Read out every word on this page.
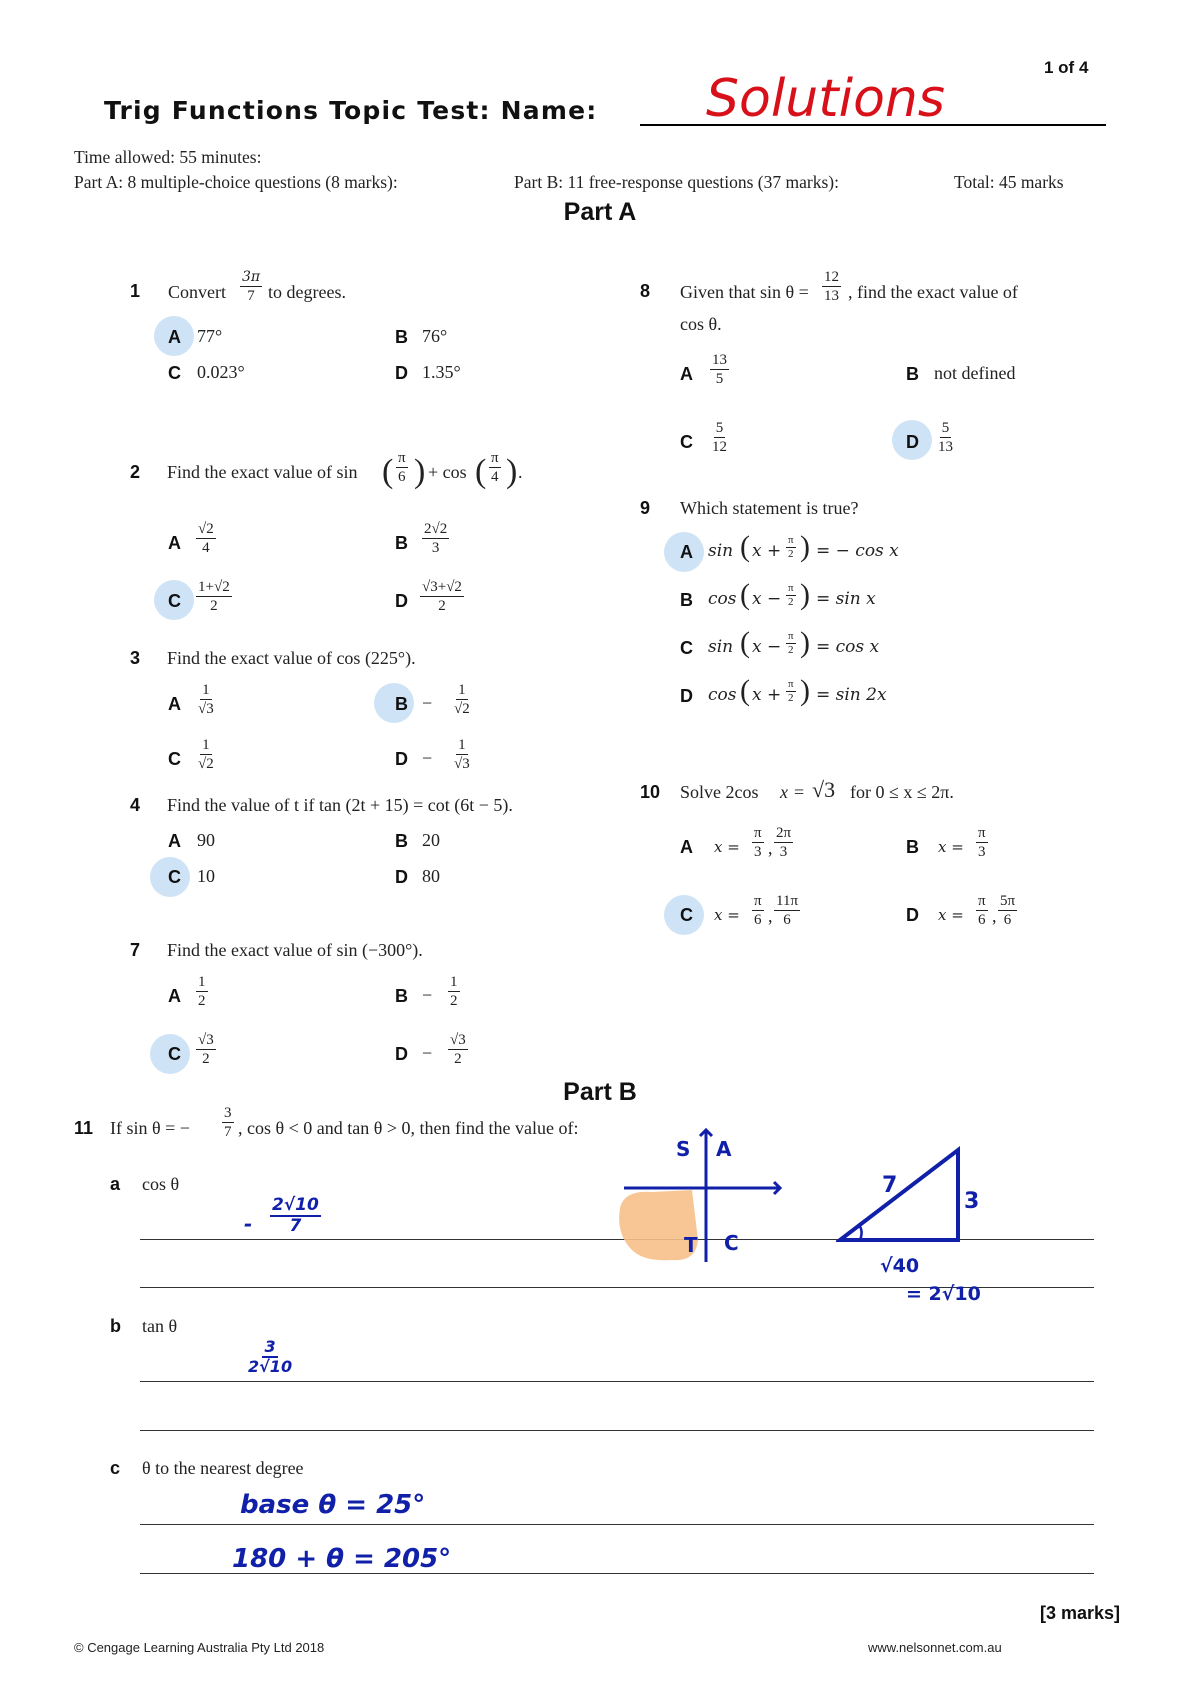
1 of 4
Trig Functions Topic Test: Name: Solutions
Time allowed: 55 minutes:
Part A: 8 multiple-choice questions (8 marks):	Part B: 11 free-response questions (37 marks):	Total: 45 marks
Part A
1 Convert $\frac{3\pi}{7}$ to degrees.
A 77°	B 76°
C 0.023°	D 1.35°
2 Find the exact value of sin ( $\frac{\pi}{6}$ ) + cos ( $\frac{\pi}{4}$ ) .
A $\frac{√2}{4}$	B $\frac{2√2}{3}$
C $\frac{1+√2}{2}$	D $\frac{√3+√2}{2}$
3 Find the exact value of cos (225°).
A $\frac{1}{√3}$	$B - \frac{1}{√2}$
C $\frac{1}{√2}$	$D - \frac{1}{√3}$
4 Find the value of t if tan (2t + 15) = cot (6t − 5).
A 90	B 20
C 10	D 80
7 Find the exact value of sin (−300°).
A $\frac{1}{2}$	$B - \frac{1}{2}$
C $\frac{√3}{2}$	$D - \frac{√3}{2}$
8 Given that $\sin \theta = \frac{12}{13}$ , find the exact value of
cos θ.
A $\frac{13}{5}$	B not defined
C $\frac{5}{12}$	D $\frac{5}{13}$
9 Which statement is true?
A sin ( $x + \frac{\pi}{2}$ ) = − cos x
B cos ( $x - \frac{\pi}{2}$ ) = sin x
C sin ( $x - \frac{\pi}{2}$ ) = cos x
D cos ( $x + \frac{\pi}{2}$ ) = sin 2x
10 Solve 2cos x = √3 for 0 ≤ x ≤ 2π.
A $x = \frac{\pi}{3}$ , $\frac{2\pi}{3}$	B $x = \frac{\pi}{3}$
C $x = \frac{\pi}{6}$ , $\frac{11\pi}{6}$	D $x = \frac{\pi}{6}$ , $\frac{5\pi}{6}$
Part B
11 If sin θ = − $\frac{3}{7}$ , cos θ < 0 and tan θ > 0, then find the value of:
a cos θ
b tan θ
c θ to the nearest degree
- $\frac{2√10}{7}$
$\frac{3}{2√10}$
base θ = 25°
180 + θ = 205°
S A
T C
7
3
√40
= 2√10
[3 marks]
© Cengage Learning Australia Pty Ltd 2018	www.nelsonnet.com.au
